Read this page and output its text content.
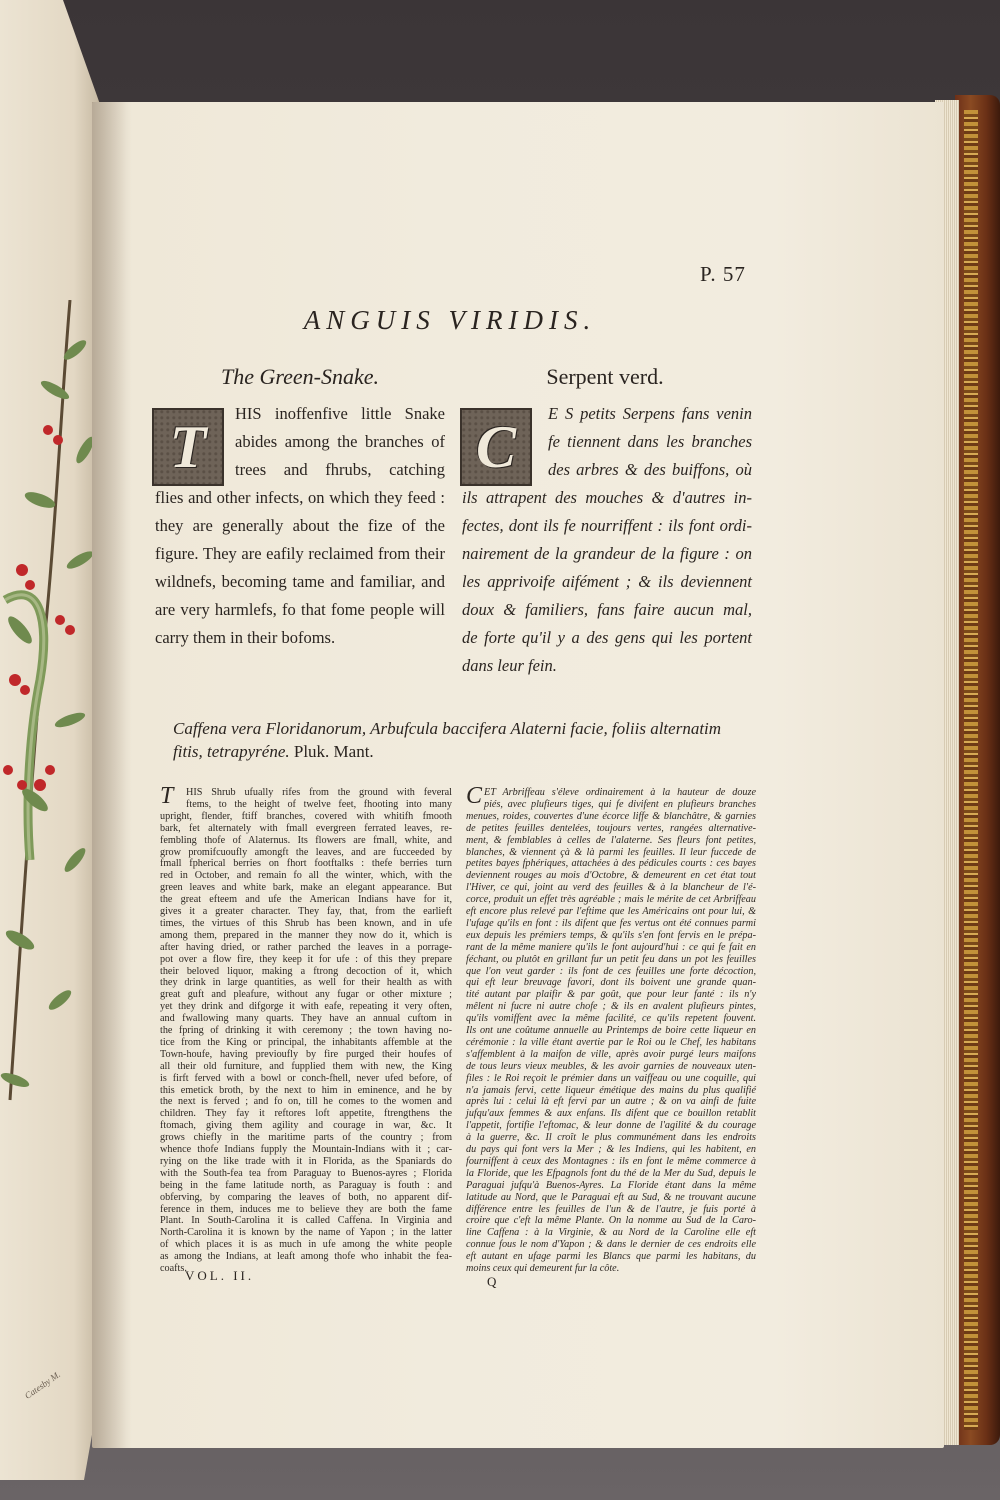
Catesby M.
P. 57
ANGUIS VIRIDIS.
The Green-Snake.	Serpent verd.
T	C
HIS inoffenfive little Snake
abides among the branches of
trees and fhrubs, catching
flies and other infects, on which they feed :
they are generally about the fize of the
figure. They are eafily reclaimed from their
wildnefs, becoming tame and familiar, and
are very harmlefs, fo that fome people will
carry them in their bofoms.
E S petits Serpens fans venin
fe tiennent dans les branches
des arbres & des buiffons, où
ils attrapent des mouches & d'autres in-
fectes, dont ils fe nourriffent : ils font ordi-
nairement de la grandeur de la figure : on
les apprivoife aifément ; & ils deviennent
doux & familiers, fans faire aucun mal,
de forte qu'il y a des gens qui les portent
dans leur fein.
Caffena vera Floridanorum, Arbufcula baccifera Alaterni facie, foliis alternatim
fitis, tetrapyréne. Pluk. Mant.
T	C
HIS Shrub ufually rifes from the ground with feveral
ftems, to the height of twelve feet, fhooting into many
upright, flender, ftiff branches, covered with whitifh fmooth
bark, fet alternately with fmall evergreen ferrated leaves, re-
fembling thofe of Alaternus. Its flowers are fmall, white, and
grow promifcuoufly amongft the leaves, and are fucceeded by
fmall fpherical berries on fhort footftalks : thefe berries turn
red in October, and remain fo all the winter, which, with the
green leaves and white bark, make an elegant appearance. But
the great efteem and ufe the American Indians have for it,
gives it a greater character. They fay, that, from the earlieft
times, the virtues of this Shrub has been known, and in ufe
among them, prepared in the manner they now do it, which is
after having dried, or rather parched the leaves in a porrage-
pot over a flow fire, they keep it for ufe : of this they prepare
their beloved liquor, making a ftrong decoction of it, which
they drink in large quantities, as well for their health as with
great guft and pleafure, without any fugar or other mixture ;
yet they drink and difgorge it with eafe, repeating it very often,
and fwallowing many quarts. They have an annual cuftom in
the fpring of drinking it with ceremony ; the town having no-
tice from the King or principal, the inhabitants affemble at the
Town-houfe, having previoufly by fire purged their houfes of
all their old furniture, and fupplied them with new, the King
is firft ferved with a bowl or conch-fhell, never ufed before, of
this emetick broth, by the next to him in eminence, and he by
the next is ferved ; and fo on, till he comes to the women and
children. They fay it reftores loft appetite, ftrengthens the
ftomach, giving them agility and courage in war, &c. It
grows chiefly in the maritime parts of the country ; from
whence thofe Indians fupply the Mountain-Indians with it ; car-
rying on the like trade with it in Florida, as the Spaniards do
with the South-fea tea from Paraguay to Buenos-ayres ; Florida
being in the fame latitude north, as Paraguay is fouth : and
obferving, by comparing the leaves of both, no apparent dif-
ference in them, induces me to believe they are both the fame
Plant. In South-Carolina it is called Caffena. In Virginia and
North-Carolina it is known by the name of Yapon ; in the latter
of which places it is as much in ufe among the white people
as among the Indians, at leaft among thofe who inhabit the fea-
coafts.
ET Arbriffeau s'éleve ordinairement à la hauteur de douze
piés, avec plufieurs tiges, qui fe divifent en plufieurs branches
menues, roides, couvertes d'une écorce liffe & blanchâtre, & garnies
de petites feuilles dentelées, toujours vertes, rangées alternative-
ment, & femblables à celles de l'alaterne. Ses fleurs font petites,
blanches, & viennent çà & là parmi les feuilles. Il leur fuccede de
petites bayes fphériques, attachées à des pédicules courts : ces bayes
deviennent rouges au mois d'Octobre, & demeurent en cet état tout
l'Hiver, ce qui, joint au verd des feuilles & à la blancheur de l'é-
corce, produit un effet très agréable ; mais le mérite de cet Arbriffeau
eft encore plus relevé par l'eftime que les Américains ont pour lui, &
l'ufage qu'ils en font : ils difent que fes vertus ont été connues parmi
eux depuis les prémiers temps, & qu'ils s'en font fervis en le prépa-
rant de la même maniere qu'ils le font aujourd'hui : ce qui fe fait en
féchant, ou plutôt en grillant fur un petit feu dans un pot les feuilles
que l'on veut garder : ils font de ces feuilles une forte décoction,
qui eft leur breuvage favori, dont ils boivent une grande quan-
tité autant par plaifir & par goût, que pour leur fanté : ils n'y
mêlent ni fucre ni autre chofe ; & ils en avalent plufieurs pintes,
qu'ils vomiffent avec la même facilité, ce qu'ils repetent fouvent.
Ils ont une coûtume annuelle au Printemps de boire cette liqueur en
cérémonie : la ville étant avertie par le Roi ou le Chef, les habitans
s'affemblent à la maifon de ville, après avoir purgé leurs maifons
de tous leurs vieux meubles, & les avoir garnies de nouveaux uten-
files : le Roi reçoit le prémier dans un vaiffeau ou une coquille, qui
n'a jamais fervi, cette liqueur émétique des mains du plus qualifié
après lui : celui là eft fervi par un autre ; & on va ainfi de fuite
jufqu'aux femmes & aux enfans. Ils difent que ce bouillon retablit
l'appetit, fortifie l'eftomac, & leur donne de l'agilité & du courage
à la guerre, &c. Il croît le plus communément dans les endroits
du pays qui font vers la Mer ; & les Indiens, qui les habitent, en
fourniffent à ceux des Montagnes : ils en font le même commerce à
la Floride, que les Efpagnols font du thé de la Mer du Sud, depuis le
Paraguai jufqu'à Buenos-Ayres. La Floride étant dans la même
latitude au Nord, que le Paraguai eft au Sud, & ne trouvant aucune
différence entre les feuilles de l'un & de l'autre, je fuis porté à
croire que c'eft la même Plante. On la nomme au Sud de la Caro-
line Caffena : à la Virginie, & au Nord de la Caroline elle eft
connue fous le nom d'Yapon ; & dans le dernier de ces endroits elle
eft autant en ufage parmi les Blancs que parmi les habitans, du
moins ceux qui demeurent fur la côte.
VOL. II.	Q
